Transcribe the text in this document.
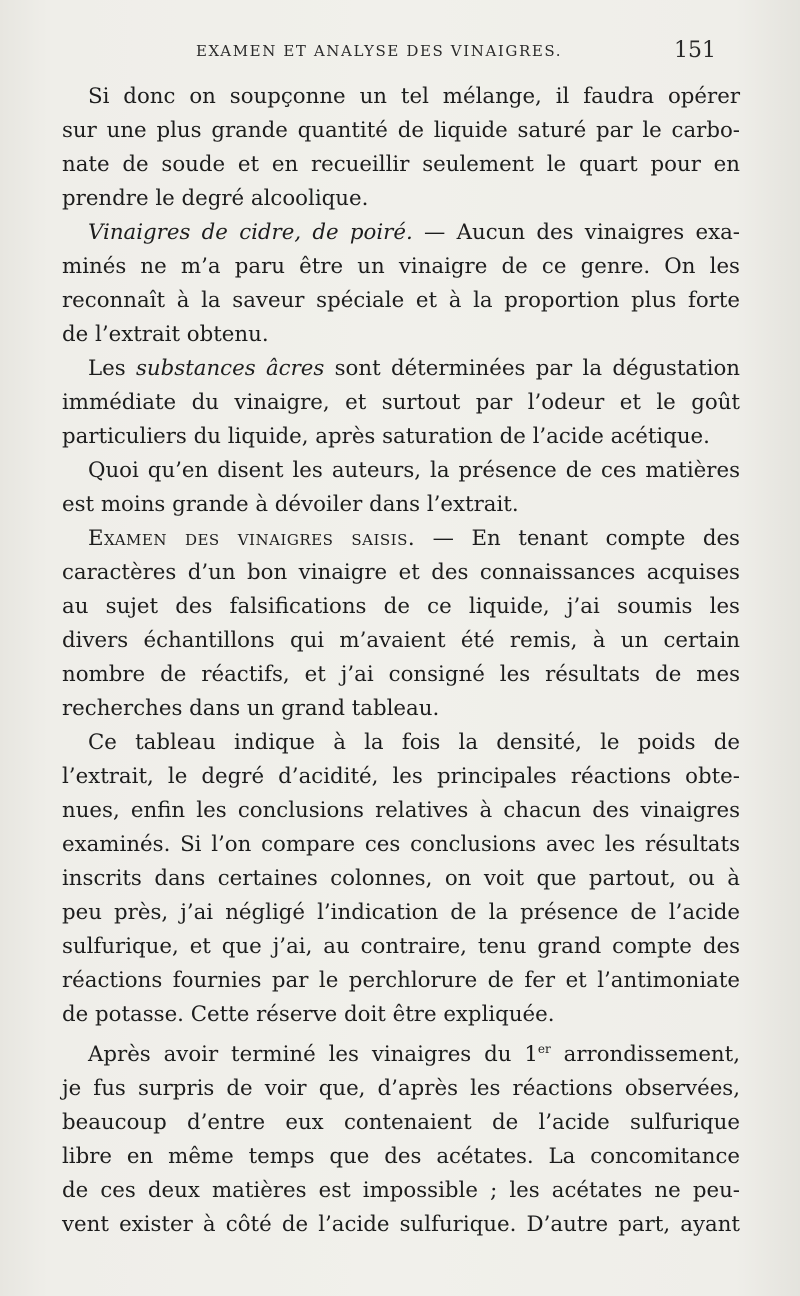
EXAMEN ET ANALYSE DES VINAIGRES.	151
Si donc on soupçonne un tel mélange, il faudra opérer
sur une plus grande quantité de liquide saturé par le carbo-
nate de soude et en recueillir seulement le quart pour en
prendre le degré alcoolique.
Vinaigres de cidre, de poiré. — Aucun des vinaigres exa-
minés ne m’a paru être un vinaigre de ce genre. On les
reconnaît à la saveur spéciale et à la proportion plus forte
de l’extrait obtenu.
Les substances âcres sont déterminées par la dégustation
immédiate du vinaigre, et surtout par l’odeur et le goût
particuliers du liquide, après saturation de l’acide acétique.
Quoi qu’en disent les auteurs, la présence de ces matières
est moins grande à dévoiler dans l’extrait.
Examen des vinaigres saisis. — En tenant compte des
caractères d’un bon vinaigre et des connaissances acquises
au sujet des falsifications de ce liquide, j’ai soumis les
divers échantillons qui m’avaient été remis, à un certain
nombre de réactifs, et j’ai consigné les résultats de mes
recherches dans un grand tableau.
Ce tableau indique à la fois la densité, le poids de
l’extrait, le degré d’acidité, les principales réactions obte-
nues, enfin les conclusions relatives à chacun des vinaigres
examinés. Si l’on compare ces conclusions avec les résultats
inscrits dans certaines colonnes, on voit que partout, ou à
peu près, j’ai négligé l’indication de la présence de l’acide
sulfurique, et que j’ai, au contraire, tenu grand compte des
réactions fournies par le perchlorure de fer et l’antimoniate
de potasse. Cette réserve doit être expliquée.
Après avoir terminé les vinaigres du 1er arrondissement,
je fus surpris de voir que, d’après les réactions observées,
beaucoup d’entre eux contenaient de l’acide sulfurique
libre en même temps que des acétates. La concomitance
de ces deux matières est impossible ; les acétates ne peu-
vent exister à côté de l’acide sulfurique. D’autre part, ayant
